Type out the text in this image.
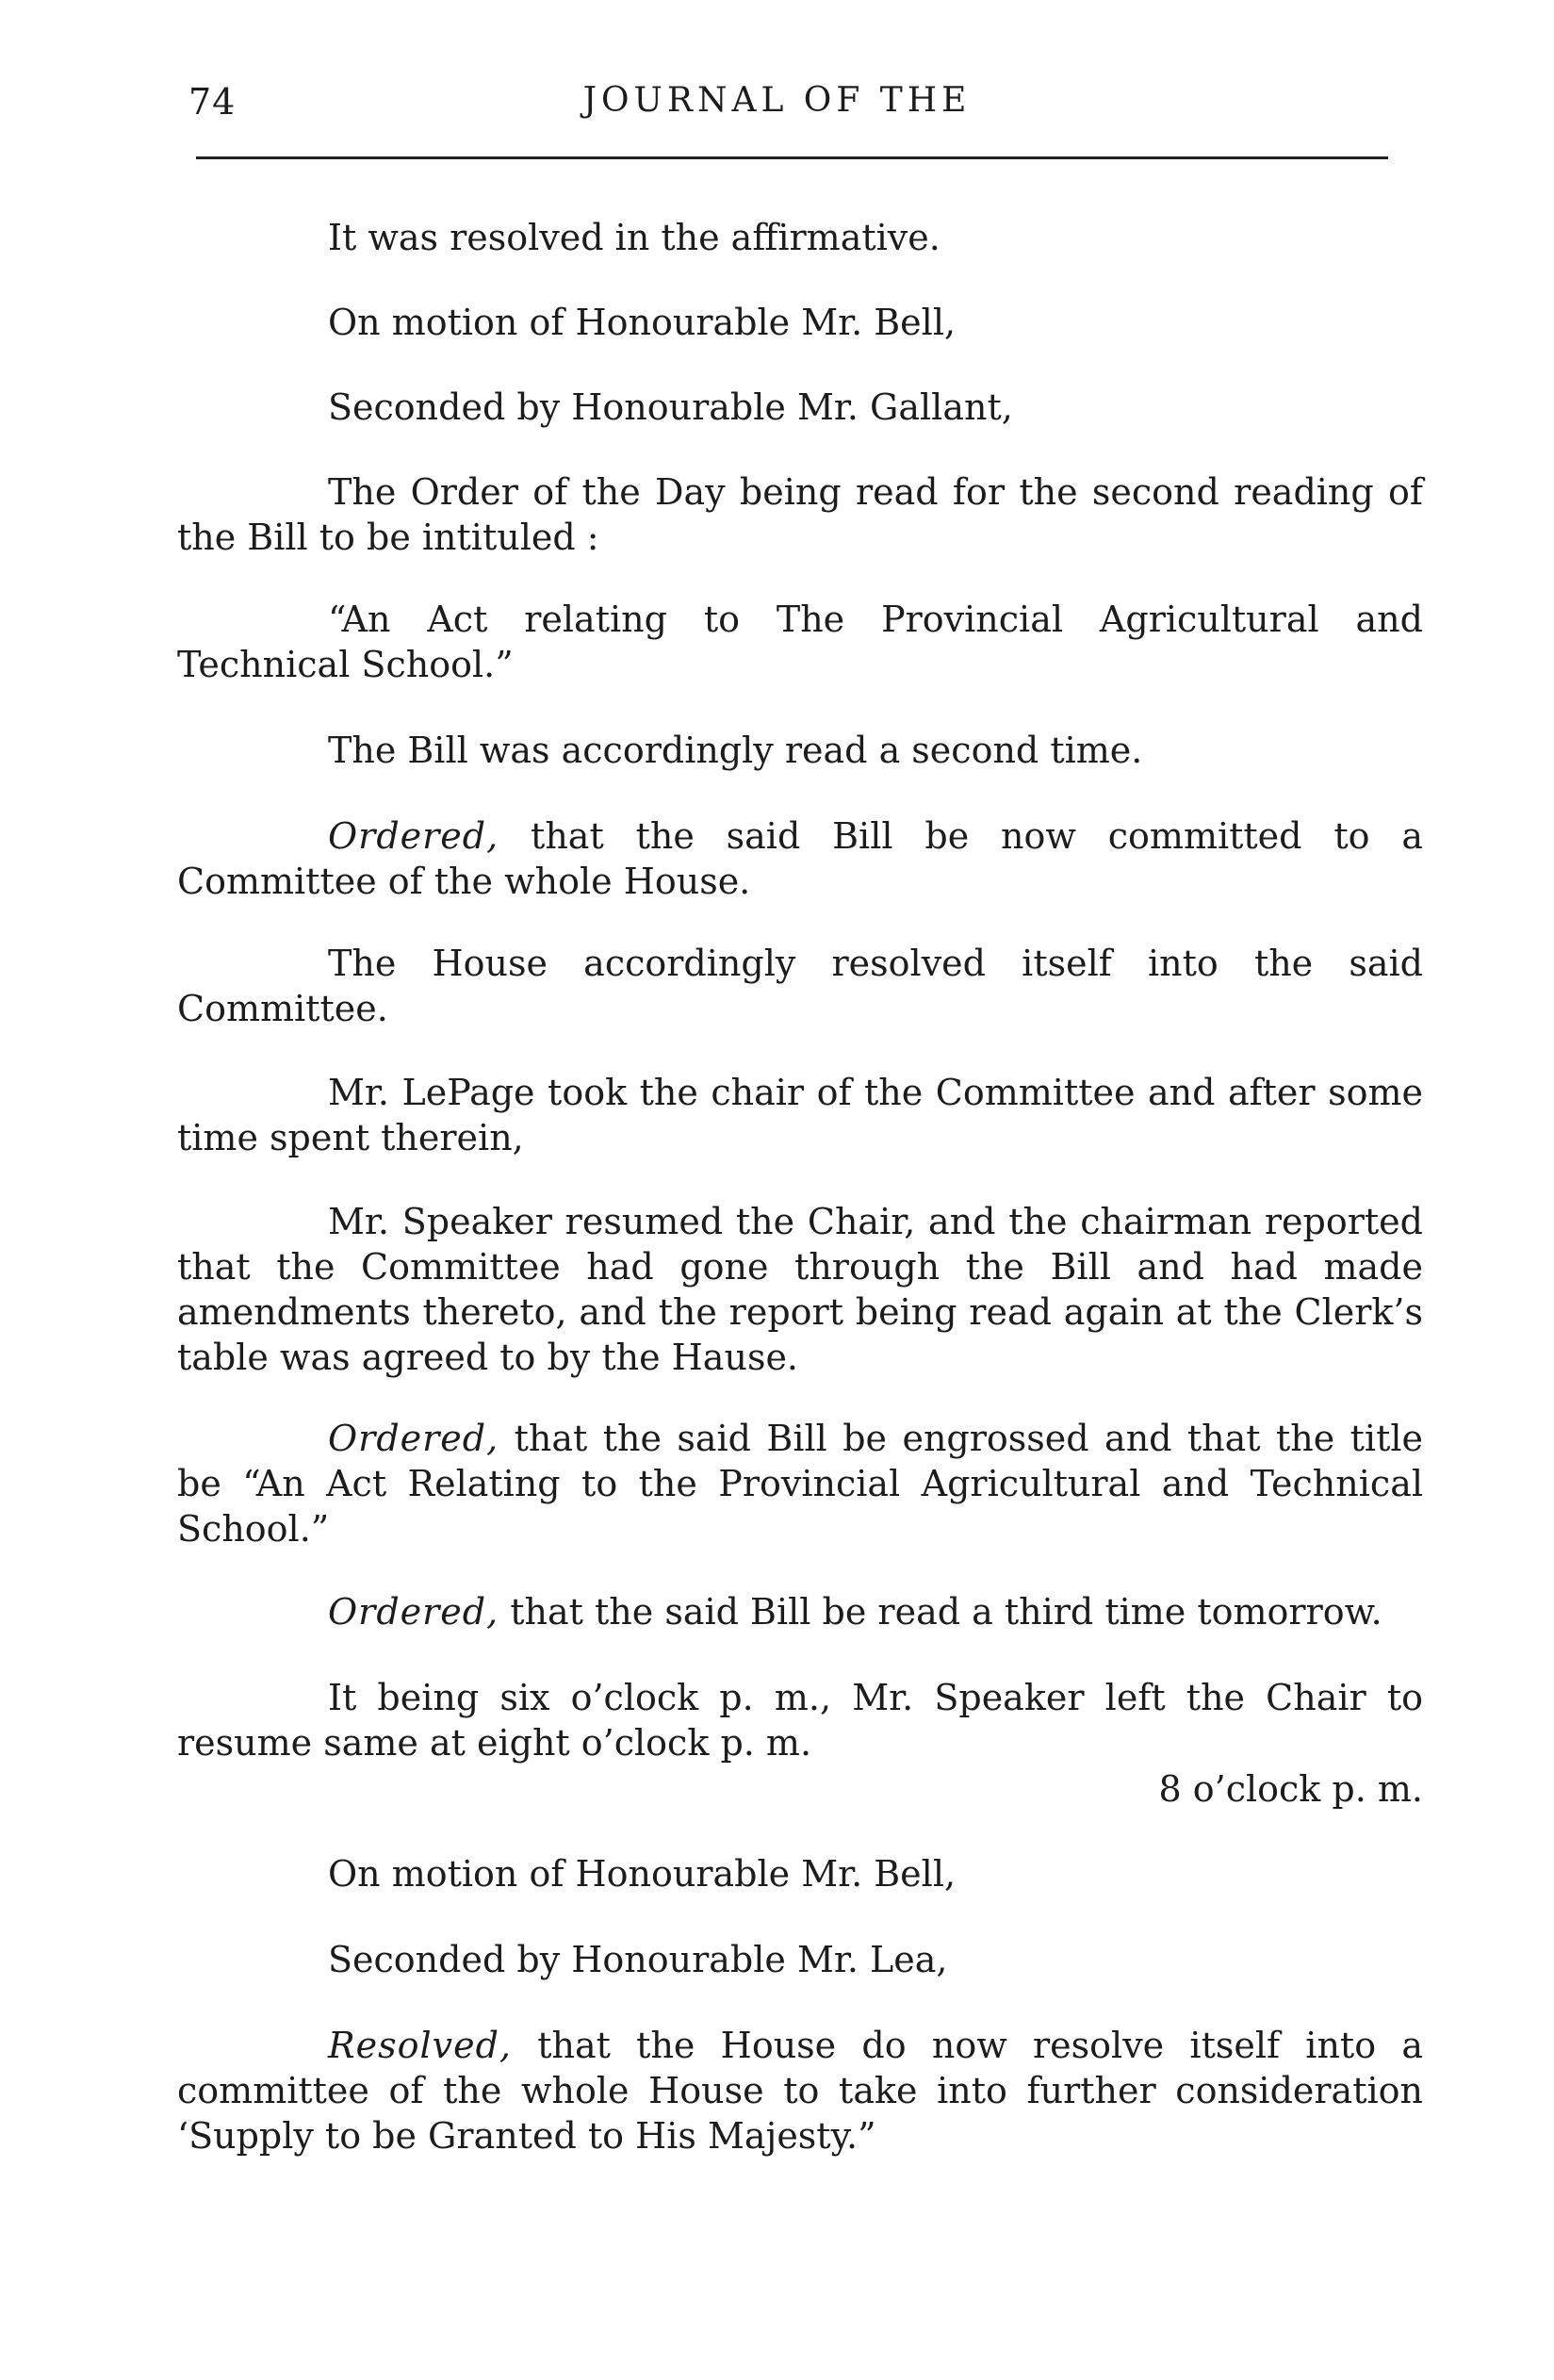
74	JOURNAL OF THE
It was resolved in the affirmative.
On motion of Honourable Mr. Bell,
Seconded by Honourable Mr. Gallant,
The Order of the Day being read for the second reading of the Bill to be intituled :
“An Act relating to The Provincial Agricultural and Technical School.”
The Bill was accordingly read a second time.
Ordered, that the said Bill be now committed to a Committee of the whole House.
The House accordingly resolved itself into the said Committee.
Mr. LePage took the chair of the Committee and after some time spent therein,
Mr. Speaker resumed the Chair, and the chairman reported that the Committee had gone through the Bill and had made amendments thereto, and the report being read again at the Clerk’s table was agreed to by the Hause.
Ordered, that the said Bill be engrossed and that the title be “An Act Relating to the Provincial Agricultural and Technical School.”
Ordered, that the said Bill be read a third time tomorrow.
It being six o’clock p. m., Mr. Speaker left the Chair to resume same at eight o’clock p. m.
8 o’clock p. m.
On motion of Honourable Mr. Bell,
Seconded by Honourable Mr. Lea,
Resolved, that the House do now resolve itself into a committee of the whole House to take into further consideration ‘Supply to be Granted to His Majesty.”
